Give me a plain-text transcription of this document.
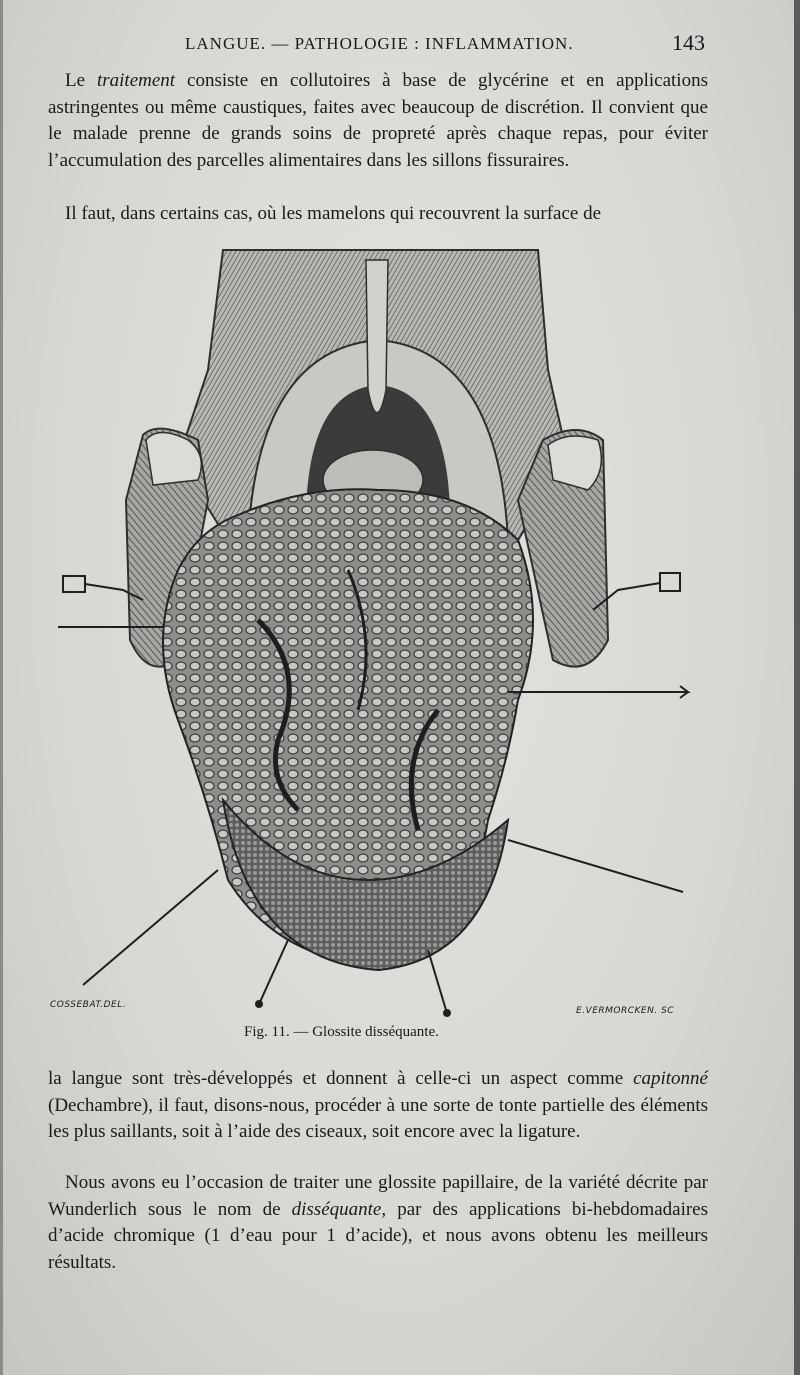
LANGUE. — PATHOLOGIE : INFLAMMATION.	143

Le traitement consiste en collutoires à base de glycérine et en applications astringentes ou même caustiques, faites avec beaucoup de discrétion. Il convient que le malade prenne de grands soins de propreté après chaque repas, pour éviter l’accumulation des parcelles alimentaires dans les sillons fissuraires.

Il faut, dans certains cas, où les mamelons qui recouvrent la surface de

COSSEBAT.DEL.
E.VERMORCKEN. SC
Fig. 11. — Glossite disséquante.

la langue sont très-développés et donnent à celle-ci un aspect comme capitonné (Dechambre), il faut, disons-nous, procéder à une sorte de tonte partielle des éléments les plus saillants, soit à l’aide des ciseaux, soit encore avec la ligature.

Nous avons eu l’occasion de traiter une glossite papillaire, de la variété décrite par Wunderlich sous le nom de disséquante, par des applications bi-hebdomadaires d’acide chromique (1 d’eau pour 1 d’acide), et nous avons obtenu les meilleurs résultats.
